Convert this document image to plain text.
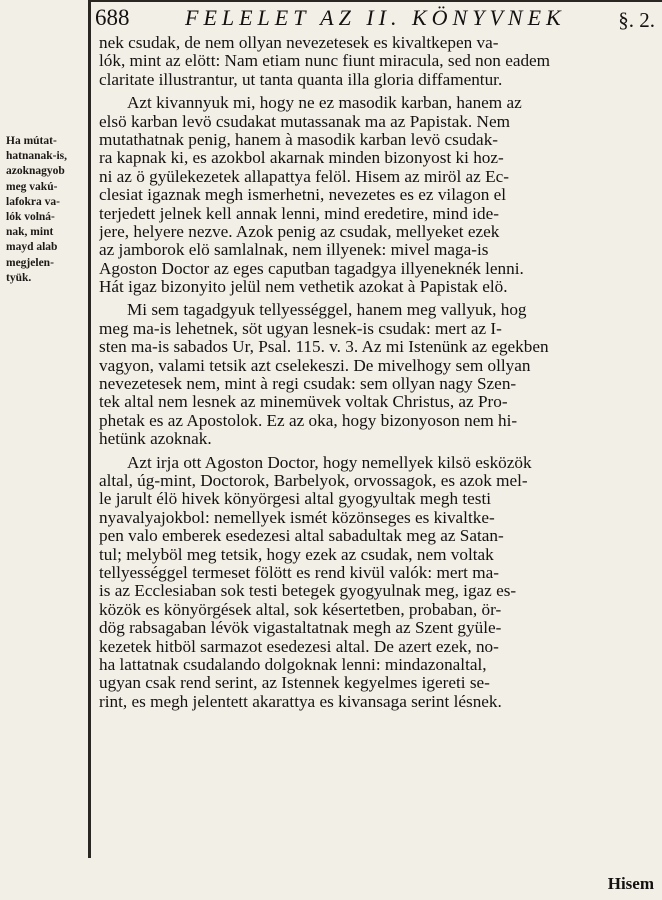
688	FELELET AZ II. KÖNYVNEK	§. 2.
Ha mútat-
hatnanak-is,
azoknagyob
meg vakú-
lafokra va-
lók volná-
nak, mint
mayd alab
megjelen-
tyük.
nek csudak, de nem ollyan nevezetesek es kivaltkepen va-
lók, mint az elött: Nam etiam nunc fiunt miracula, sed non eadem
claritate illustrantur, ut tanta quanta illa gloria diffamentur.
Azt kivannyuk mi, hogy ne ez masodik karban, hanem az
elsö karban levö csudakat mutassanak ma az Papistak. Nem
mutathatnak penig, hanem à masodik karban levö csudak-
ra kapnak ki, es azokbol akarnak minden bizonyost ki hoz-
ni az ö gyülekezetek allapattya felöl. Hisem az miröl az Ec-
clesiat igaznak megh ismerhetni, nevezetes es ez vilagon el
terjedett jelnek kell annak lenni, mind eredetire, mind ide-
jere, helyere nezve. Azok penig az csudak, mellyeket ezek
az jamborok elö samlalnak, nem illyenek: mivel maga-is
Agoston Doctor az eges caputban tagadgya illyeneknék lenni.
Hát igaz bizonyito jelül nem vethetik azokat à Papistak elö.
Mi sem tagadgyuk tellyességgel, hanem meg vallyuk, hog
meg ma-is lehetnek, söt ugyan lesnek-is csudak: mert az I-
sten ma-is sabados Ur, Psal. 115. v. 3. Az mi Istenünk az egekben
vagyon, valami tetsik azt cselekeszi. De mivelhogy sem ollyan
nevezetesek nem, mint à regi csudak: sem ollyan nagy Szen-
tek altal nem lesnek az minemüvek voltak Christus, az Pro-
phetak es az Apostolok. Ez az oka, hogy bizonyoson nem hi-
hetünk azoknak.
Azt irja ott Agoston Doctor, hogy nemellyek kilsö esközök
altal, úg-mint, Doctorok, Barbelyok, orvossagok, es azok mel-
le jarult élö hivek könyörgesi altal gyogyultak megh testi
nyavalyajokbol: nemellyek ismét közönseges es kivaltke-
pen valo emberek esedezesi altal sabadultak meg az Satan-
tul; melyböl meg tetsik, hogy ezek az csudak, nem voltak
tellyességgel termeset fölött es rend kivül valók: mert ma-
is az Ecclesiaban sok testi betegek gyogyulnak meg, igaz es-
közök es könyörgések altal, sok késertetben, probaban, ör-
dög rabsagaban lévök vigastaltatnak megh az Szent gyüle-
kezetek hitböl sarmazot esedezesi altal. De azert ezek, no-
ha lattatnak csudalando dolgoknak lenni: mindazonaltal,
ugyan csak rend serint, az Istennek kegyelmes igereti se-
rint, es megh jelentett akarattya es kivansaga serint lésnek.
Hisem
